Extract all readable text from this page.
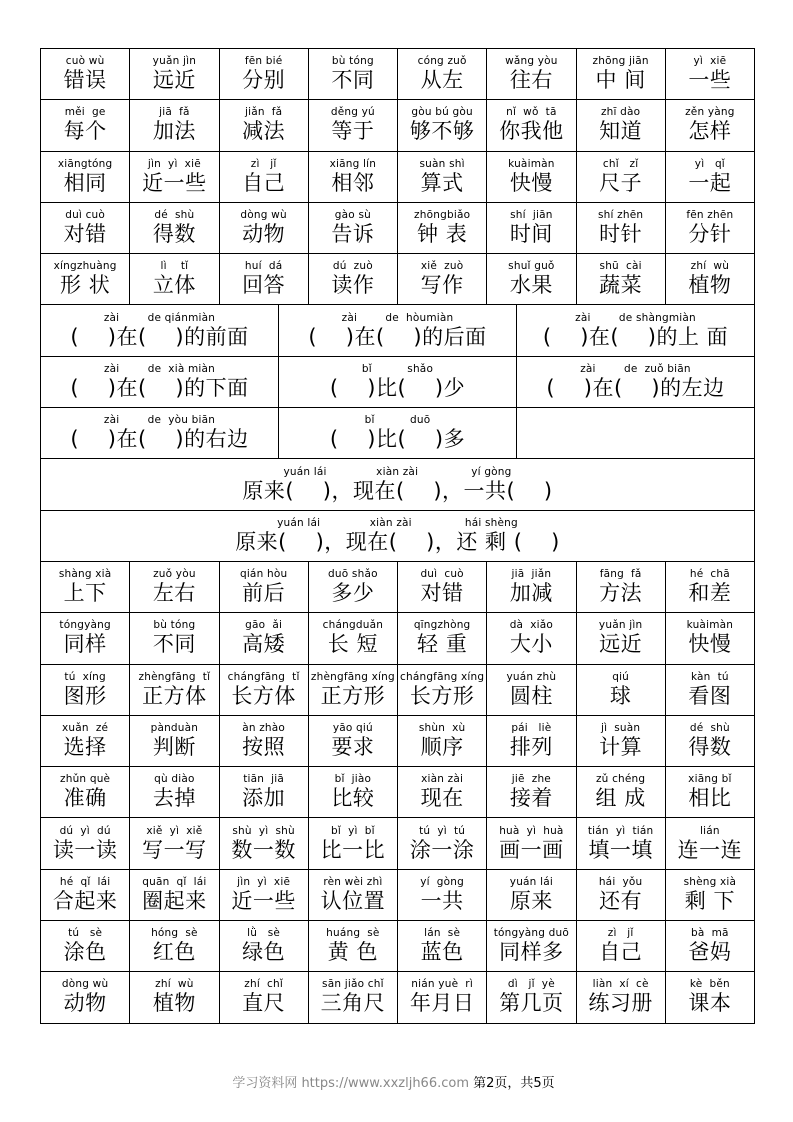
cuò wù
错误
yuǎn jìn
远近
fēn bié
分别
bù tóng
不同
cóng zuǒ
从左
wǎng yòu
往右
zhōng jiān
中 间
yì  xiē
一些
měi  ge
每个
jiā  fǎ
加法
jiǎn  fǎ
减法
děng yú
等于
gòu bú gòu
够不够
nǐ  wǒ  tā
你我他
zhī dào
知道
zěn yàng
怎样
xiāngtóng
相同
jìn  yì  xiē
近一些
zì   jǐ
自己
xiāng lín
相邻
suàn shì
算式
kuàimàn
快慢
chǐ   zǐ
尺子
yì   qǐ
一起
duì cuò
对错
dé  shù
得数
dòng wù
动物
gào sù
告诉
zhōngbiǎo
钟 表
shí  jiān
时间
shí zhēn
时针
fēn zhēn
分针
xíngzhuàng
形 状
lì    tǐ
立体
huí  dá
回答
dú  zuò
读作
xiě  zuò
写作
shuǐ guǒ
水果
shū  cài
蔬菜
zhí  wù
植物
zài        de qiánmiàn
(    )在(    )的前面
zài        de  hòumiàn
(    )在(    )的后面
zài        de shàngmiàn
(    )在(    )的上 面
zài        de  xià miàn
(    )在(    )的下面
bǐ          shǎo
(    )比(    )少
zài        de  zuǒ biān
(    )在(    )的左边
zài        de  yòu biān
(    )在(    )的右边
bǐ          duō
(    )比(    )多
yuán lái              xiàn zài               yí gòng
原来(    )，现在(    )，一共(    )
yuán lái              xiàn zài               hái shèng
原来(    )，现在(    )，还 剩 (    )
shàng xià
上下
zuǒ yòu
左右
qián hòu
前后
duō shǎo
多少
duì  cuò
对错
jiā  jiǎn
加减
fāng  fǎ
方法
hé  chā
和差
tóngyàng
同样
bù tóng
不同
gāo  ǎi
高矮
chángduǎn
长 短
qīngzhòng
轻 重
dà  xiǎo
大小
yuǎn jìn
远近
kuàimàn
快慢
tú  xíng
图形
zhèngfāng  tǐ
正方体
chángfāng  tǐ
长方体
zhèngfāng xíng
正方形
chángfāng xíng
长方形
yuán zhù
圆柱
qiú
球
kàn  tú
看图
xuǎn  zé
选择
pànduàn
判断
àn zhào
按照
yāo qiú
要求
shùn  xù
顺序
pái   liè
排列
jì  suàn
计算
dé  shù
得数
zhǔn què
准确
qù diào
去掉
tiān  jiā
添加
bǐ  jiào
比较
xiàn zài
现在
jiē  zhe
接着
zǔ chéng
组 成
xiāng bǐ
相比
dú  yì  dú
读一读
xiě  yì  xiě
写一写
shù  yì  shù
数一数
bǐ  yì  bǐ
比一比
tú  yì  tú
涂一涂
huà  yì  huà
画一画
tián  yì  tián
填一填
lián
连一连
hé  qǐ  lái
合起来
quān  qǐ  lái
圈起来
jìn  yì  xiē
近一些
rèn wèi zhì
认位置
yí  gòng
一共
yuán lái
原来
hái  yǒu
还有
shèng xià
剩 下
tú   sè
涂色
hóng  sè
红色
lǜ   sè
绿色
huáng  sè
黄 色
lán  sè
蓝色
tóngyàng duō
同样多
zì   jǐ
自己
bà  mā
爸妈
dòng wù
动物
zhí  wù
植物
zhí  chǐ
直尺
sān jiǎo chǐ
三角尺
nián yuè  rì
年月日
dì   jǐ  yè
第几页
liàn  xí  cè
练习册
kè  běn
课本
学习资料网 https://www.xxzljh66.com 第2页，共5页
